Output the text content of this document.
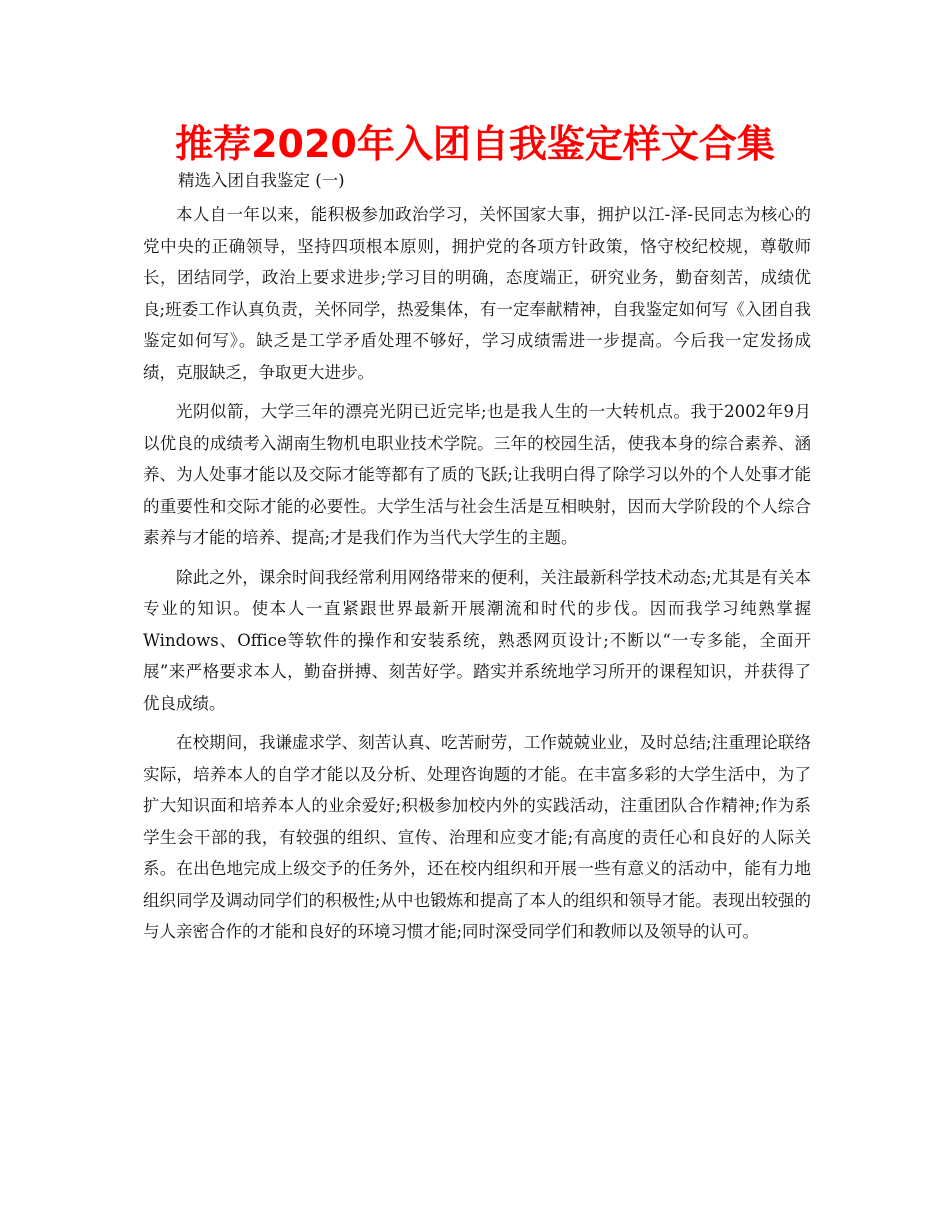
推荐2020年入团自我鉴定样文合集

精选入团自我鉴定 (一)

本人自一年以来，能积极参加政治学习，关怀国家大事，拥护以江-泽-民同志为核心的党中央的正确领导，坚持四项根本原则，拥护党的各项方针政策，恪守校纪校规，尊敬师长，团结同学，政治上要求进步;学习目的明确，态度端正，研究业务，勤奋刻苦，成绩优良;班委工作认真负责，关怀同学，热爱集体，有一定奉献精神，自我鉴定如何写《入团自我鉴定如何写》。缺乏是工学矛盾处理不够好，学习成绩需进一步提高。今后我一定发扬成绩，克服缺乏，争取更大进步。

光阴似箭，大学三年的漂亮光阴已近完毕;也是我人生的一大转机点。我于2002年9月以优良的成绩考入湖南生物机电职业技术学院。三年的校园生活，使我本身的综合素养、涵养、为人处事才能以及交际才能等都有了质的飞跃;让我明白得了除学习以外的个人处事才能的重要性和交际才能的必要性。大学生活与社会生活是互相映射，因而大学阶段的个人综合素养与才能的培养、提高;才是我们作为当代大学生的主题。

除此之外，课余时间我经常利用网络带来的便利，关注最新科学技术动态;尤其是有关本专业的知识。使本人一直紧跟世界最新开展潮流和时代的步伐。因而我学习纯熟掌握Windows、Office等软件的操作和安装系统，熟悉网页设计;不断以“一专多能，全面开展”来严格要求本人，勤奋拼搏、刻苦好学。踏实并系统地学习所开的课程知识，并获得了优良成绩。

在校期间，我谦虚求学、刻苦认真、吃苦耐劳，工作兢兢业业，及时总结;注重理论联络实际，培养本人的自学才能以及分析、处理咨询题的才能。在丰富多彩的大学生活中，为了扩大知识面和培养本人的业余爱好;积极参加校内外的实践活动，注重团队合作精神;作为系学生会干部的我，有较强的组织、宣传、治理和应变才能;有高度的责任心和良好的人际关系。在出色地完成上级交予的任务外，还在校内组织和开展一些有意义的活动中，能有力地组织同学及调动同学们的积极性;从中也锻炼和提高了本人的组织和领导才能。表现出较强的与人亲密合作的才能和良好的环境习惯才能;同时深受同学们和教师以及领导的认可。
